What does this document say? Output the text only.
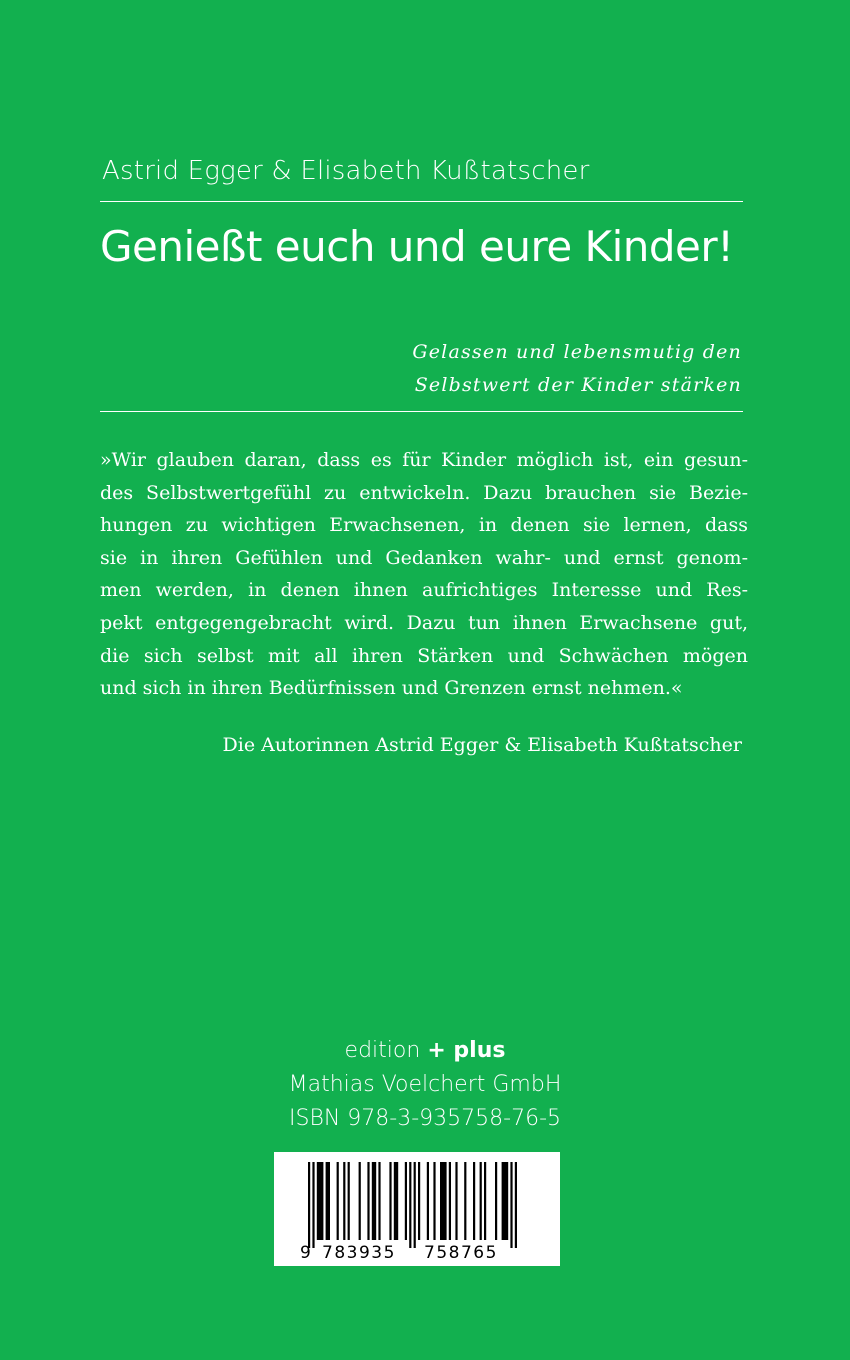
Astrid Egger & Elisabeth Kußtatscher
Genießt euch und eure Kinder!
Gelassen und lebensmutig den
Selbstwert der Kinder stärken
»Wir glauben daran, dass es für Kinder möglich ist, ein gesun-
des Selbstwertgefühl zu entwickeln. Dazu brauchen sie Bezie-
hungen zu wichtigen Erwachsenen, in denen sie lernen, dass
sie in ihren Gefühlen und Gedanken wahr- und ernst genom-
men werden, in denen ihnen aufrichtiges Interesse und Res-
pekt entgegengebracht wird. Dazu tun ihnen Erwachsene gut,
die sich selbst mit all ihren Stärken und Schwächen mögen
und sich in ihren Bedürfnissen und Grenzen ernst nehmen.«
Die Autorinnen Astrid Egger & Elisabeth Kußtatscher
edition + plus
Mathias Voelchert GmbH
ISBN 978-3-935758-76-5
9 783935 758765
